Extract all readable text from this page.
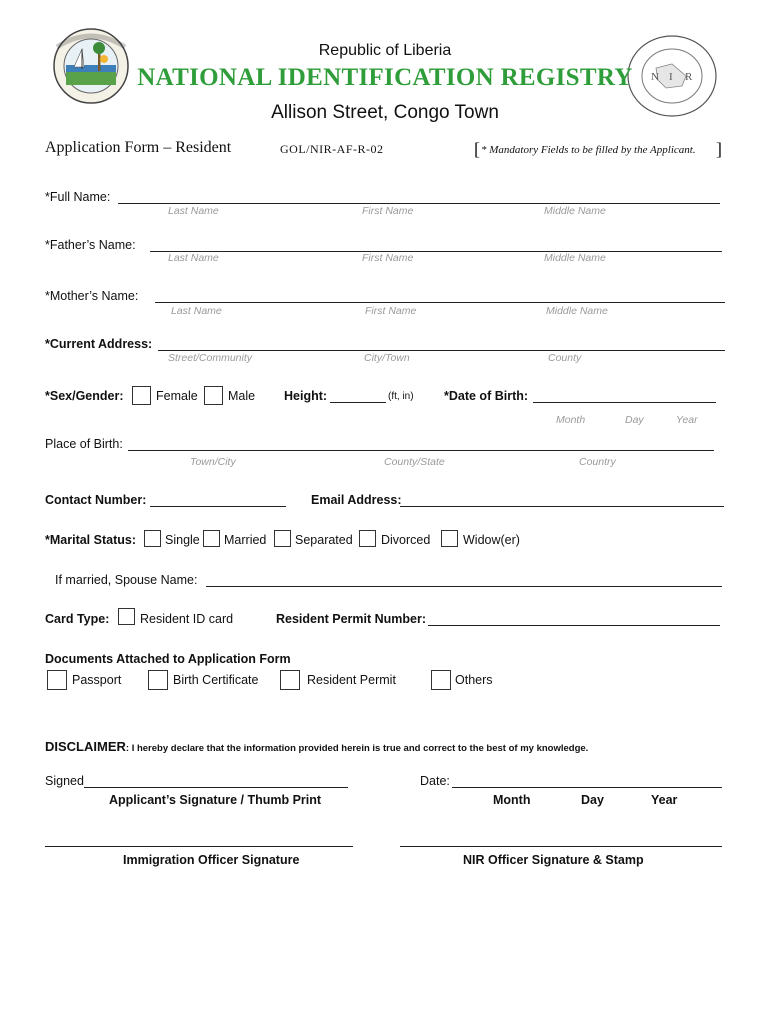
N I R
Republic of Liberia
NATIONAL IDENTIFICATION REGISTRY
Allison Street, Congo Town
Application Form – Resident	GOL/NIR-AF-R-02	[ * Mandatory Fields to be filled by the Applicant. ]
*Full Name:
Last Name	First Name	Middle Name
*Father’s Name:
Last Name	First Name	Middle Name
*Mother’s Name:
Last Name	First Name	Middle Name
*Current Address:
Street/Community	City/Town	County
*Sex/Gender:	Female Male Height:	(ft, in) *Date of Birth:
Month	Day	Year
Place of Birth:
Town/City	County/State	Country
Contact Number:	Email Address:
*Marital Status: Single Married Separated Divorced	Widow(er)
If married, Spouse Name:
Card Type: Resident ID card	Resident Permit Number:
Documents Attached to Application Form
Passport	Birth Certificate	Resident Permit	Others
DISCLAIMER: I hereby declare that the information provided herein is true and correct to the best of my knowledge.
Signed	Date:
Applicant’s Signature / Thumb Print	Month	Day	Year
Immigration Officer Signature	NIR Officer Signature & Stamp
